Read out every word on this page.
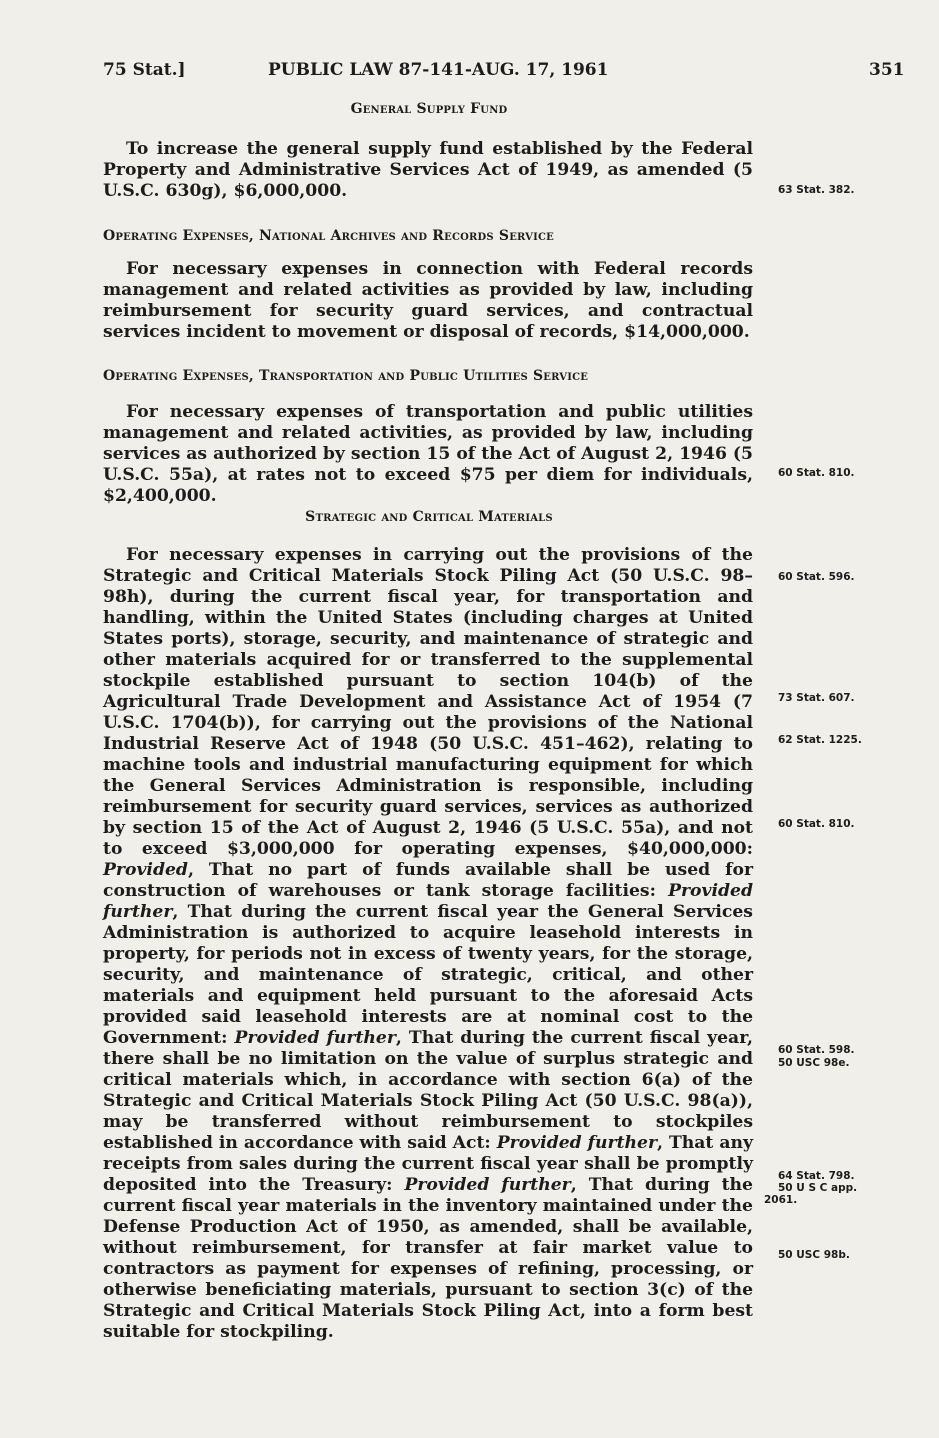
75 Stat.]	PUBLIC LAW 87-141-AUG. 17, 1961	351
General Supply Fund
To increase the general supply fund established by the Federal Property and Administrative Services Act of 1949, as amended (5 U.S.C. 630g), $6,000,000.
Operating Expenses, National Archives and Records Service
For necessary expenses in connection with Federal records management and related activities as provided by law, including reimbursement for security guard services, and contractual services incident to movement or disposal of records, $14,000,000.
Operating Expenses, Transportation and Public Utilities Service
For necessary expenses of transportation and public utilities management and related activities, as provided by law, including services as authorized by section 15 of the Act of August 2, 1946 (5 U.S.C. 55a), at rates not to exceed $75 per diem for individuals, $2,400,000.
Strategic and Critical Materials
For necessary expenses in carrying out the provisions of the Strategic and Critical Materials Stock Piling Act (50 U.S.C. 98–98h), during the current fiscal year, for transportation and handling, within the United States (including charges at United States ports), storage, security, and maintenance of strategic and other materials acquired for or transferred to the supplemental stockpile established pursuant to section 104(b) of the Agricultural Trade Development and Assistance Act of 1954 (7 U.S.C. 1704(b)), for carrying out the provisions of the National Industrial Reserve Act of 1948 (50 U.S.C. 451–462), relating to machine tools and industrial manufacturing equipment for which the General Services Administration is responsible, including reimbursement for security guard services, services as authorized by section 15 of the Act of August 2, 1946 (5 U.S.C. 55a), and not to exceed $3,000,000 for operating expenses, $40,000,000: Provided, That no part of funds available shall be used for construction of warehouses or tank storage facilities: Provided further, That during the current fiscal year the General Services Administration is authorized to acquire leasehold interests in property, for periods not in excess of twenty years, for the storage, security, and maintenance of strategic, critical, and other materials and equipment held pursuant to the aforesaid Acts provided said leasehold interests are at nominal cost to the Government: Provided further, That during the current fiscal year, there shall be no limitation on the value of surplus strategic and critical materials which, in accordance with section 6(a) of the Strategic and Critical Materials Stock Piling Act (50 U.S.C. 98(a)), may be transferred without reimbursement to stockpiles established in accordance with said Act: Provided further, That any receipts from sales during the current fiscal year shall be promptly deposited into the Treasury: Provided further, That during the current fiscal year materials in the inventory maintained under the Defense Production Act of 1950, as amended, shall be available, without reimbursement, for transfer at fair market value to contractors as payment for expenses of refining, processing, or otherwise beneficiating materials, pursuant to section 3(c) of the Strategic and Critical Materials Stock Piling Act, into a form best suitable for stockpiling.
63 Stat. 382.
60 Stat. 810.
60 Stat. 596.
73 Stat. 607.
62 Stat. 1225.
60 Stat. 810.
60 Stat. 598.
50 USC 98e.
64 Stat. 798.
50 U S C app.
2061.
50 USC 98b.
